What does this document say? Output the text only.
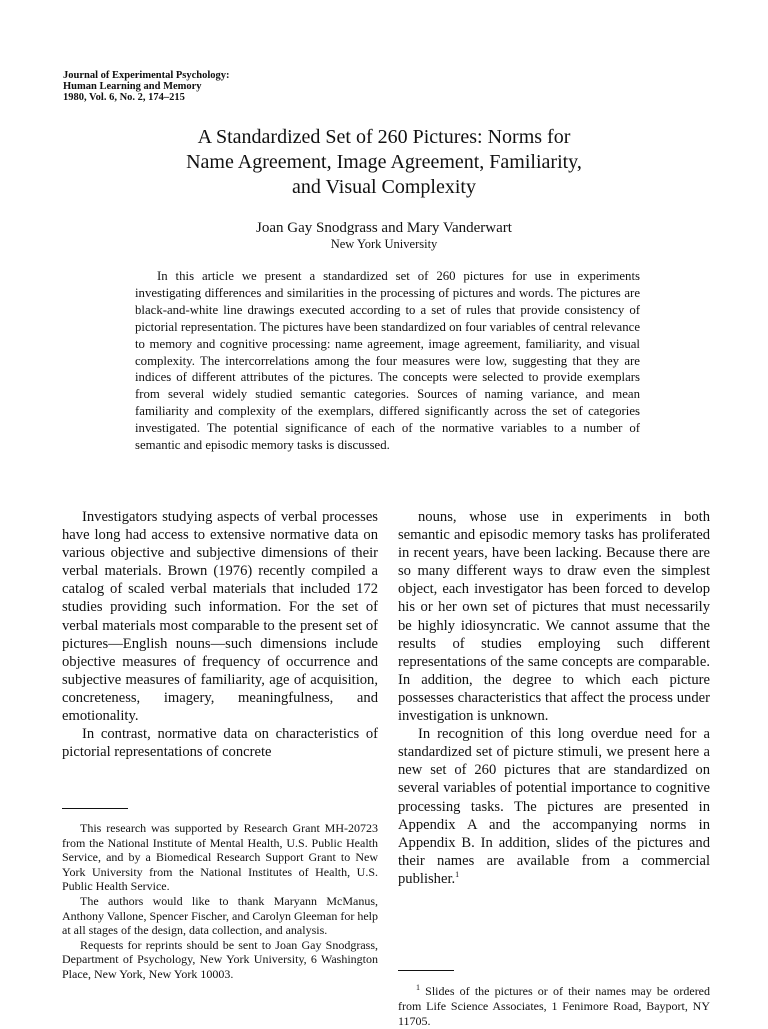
Journal of Experimental Psychology:
Human Learning and Memory
1980, Vol. 6, No. 2, 174–215
A Standardized Set of 260 Pictures: Norms for
Name Agreement, Image Agreement, Familiarity,
and Visual Complexity
Joan Gay Snodgrass and Mary Vanderwart
New York University

In this article we present a standardized set of 260 pictures for use in experiments investigating differences and similarities in the processing of pictures and words. The pictures are black-and-white line drawings executed according to a set of rules that provide consistency of pictorial representation. The pictures have been standardized on four variables of central relevance to memory and cognitive processing: name agreement, image agreement, familiarity, and visual complexity. The intercorrelations among the four measures were low, suggesting that they are indices of different attributes of the pictures. The concepts were selected to provide exemplars from several widely studied semantic categories. Sources of naming variance, and mean familiarity and complexity of the exemplars, differed significantly across the set of categories investigated. The potential significance of each of the normative variables to a number of semantic and episodic memory tasks is discussed.

Investigators studying aspects of verbal processes have long had access to extensive normative data on various objective and subjective dimensions of their verbal materials. Brown (1976) recently compiled a catalog of scaled verbal materials that included 172 studies providing such information. For the set of verbal materials most comparable to the present set of pictures—English nouns—such dimensions include objective measures of frequency of occurrence and subjective measures of familiarity, age of acquisition, concreteness, imagery, meaningfulness, and emotionality.

In contrast, normative data on characteristics of pictorial representations of concrete

nouns, whose use in experiments in both semantic and episodic memory tasks has proliferated in recent years, have been lacking. Because there are so many different ways to draw even the simplest object, each investigator has been forced to develop his or her own set of pictures that must necessarily be highly idiosyncratic. We cannot assume that the results of studies employing such different representations of the same concepts are comparable. In addition, the degree to which each picture possesses characteristics that affect the process under investigation is unknown.

In recognition of this long overdue need for a standardized set of picture stimuli, we present here a new set of 260 pictures that are standardized on several variables of potential importance to cognitive processing tasks. The pictures are presented in Appendix A and the accompanying norms in Appendix B. In addition, slides of the pictures and their names are available from a commercial publisher.$^1$

This research was supported by Research Grant MH-20723 from the National Institute of Mental Health, U.S. Public Health Service, and by a Biomedical Research Support Grant to New York University from the National Institutes of Health, U.S. Public Health Service.

The authors would like to thank Maryann McManus, Anthony Vallone, Spencer Fischer, and Carolyn Gleeman for help at all stages of the design, data collection, and analysis.

Requests for reprints should be sent to Joan Gay Snodgrass, Department of Psychology, New York University, 6 Washington Place, New York, New York 10003.

$^1$ Slides of the pictures or of their names may be ordered from Life Science Associates, 1 Fenimore Road, Bayport, NY 11705.
